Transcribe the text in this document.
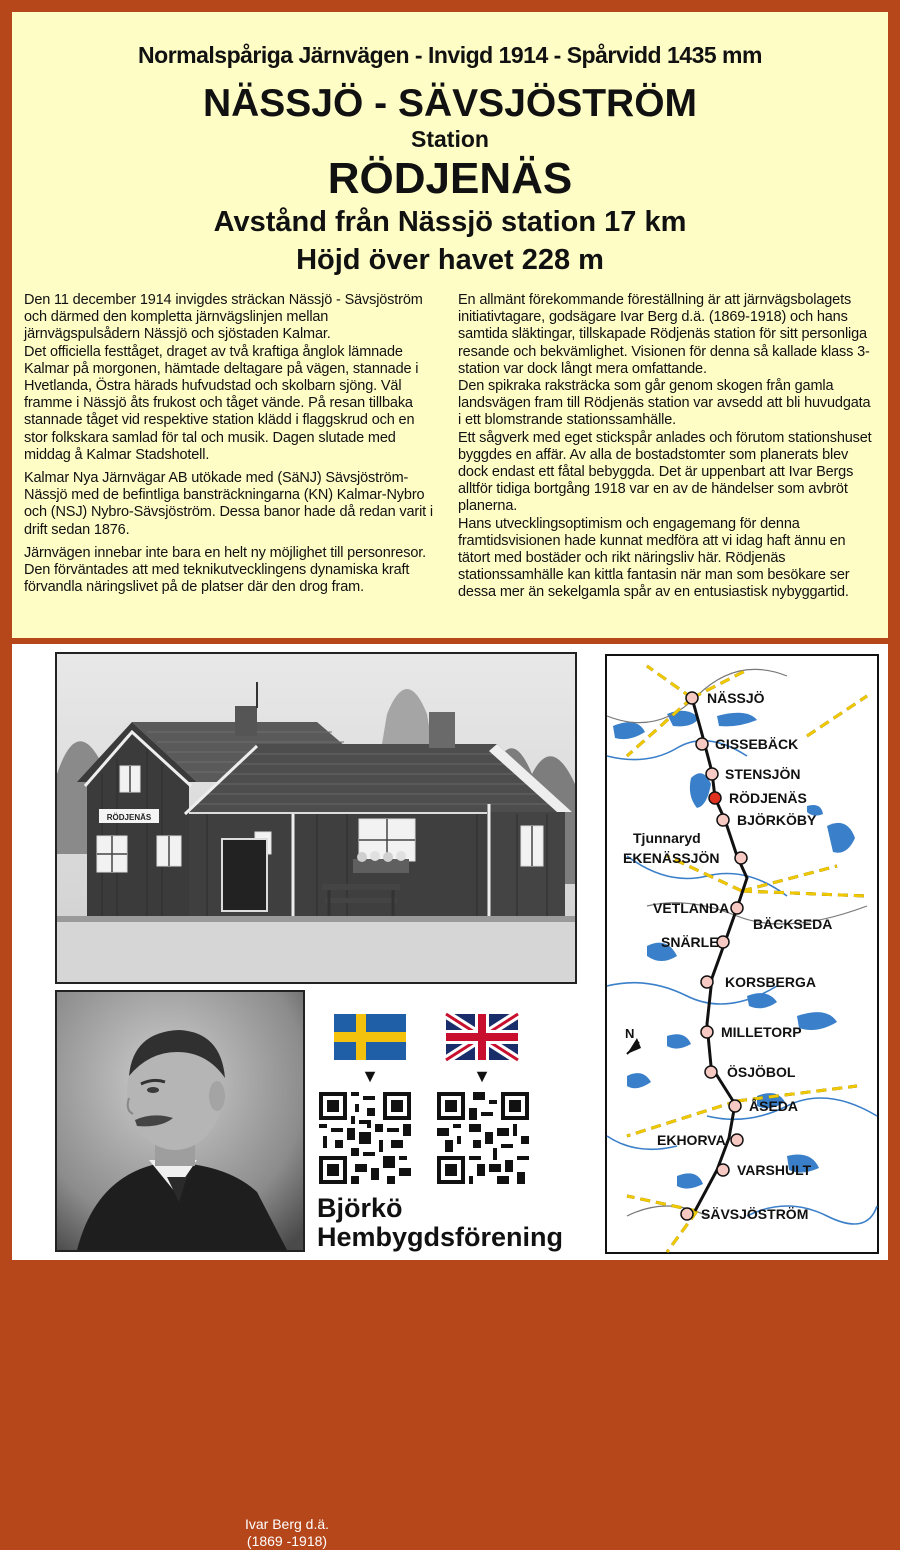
Normalspåriga Järnvägen - Invigd 1914 - Spårvidd 1435 mm
NÄSSJÖ - SÄVSJÖSTRÖM
Station
RÖDJENÄS
Avstånd från Nässjö station 17 km
Höjd över havet 228 m

Den 11 december 1914 invigdes sträckan Nässjö - Sävsjöström och därmed den kompletta järnvägslinjen mellan järnvägspulsådern Nässjö och sjöstaden Kalmar.

Det officiella festtåget, draget av två kraftiga ånglok lämnade Kalmar på morgonen, hämtade deltagare på vägen, stannade i Hvetlanda, Östra härads hufvudstad och skolbarn sjöng. Väl framme i Nässjö åts frukost och tåget vände. På resan tillbaka stannade tåget vid respektive station klädd i flaggskrud och en stor folkskara samlad för tal och musik. Dagen slutade med middag å Kalmar Stadshotell.

Kalmar Nya Järnvägar AB utökade med (SäNJ) Sävsjöström-Nässjö med de befintliga bansträckningarna (KN) Kalmar-Nybro och (NSJ) Nybro-Sävsjöström. Dessa banor hade då redan varit i drift sedan 1876.

Järnvägen innebar inte bara en helt ny möjlighet till personresor. Den förväntades att med teknikutvecklingens dynamiska kraft förvandla näringslivet på de platser där den drog fram.

En allmänt förekommande föreställning är att järnvägsbolagets initiativtagare, godsägare Ivar Berg d.ä. (1869-1918) och hans samtida släktingar, tillskapade Rödjenäs station för sitt personliga resande och bekvämlighet. Visionen för denna så kallade klass 3-station var dock långt mera omfattande.

Den spikraka raksträcka som går genom skogen från gamla landsvägen fram till Rödjenäs station var avsedd att bli huvudgata i ett blomstrande stationssamhälle.

Ett sågverk med eget stickspår anlades och förutom stationshuset byggdes en affär. Av alla de bostadstomter som planerats blev dock endast ett fåtal bebyggda. Det är uppenbart att Ivar Bergs alltför tidiga bortgång 1918 var en av de händelser som avbröt planerna.

Hans utvecklingsoptimism och engagemang för denna framtidsvisionen hade kunnat medföra att vi idag haft ännu en tätort med bostäder och rikt näringsliv här. Rödjenäs stationssamhälle kan kittla fantasin när man som besökare ser dessa mer än sekelgamla spår av en entusiastisk nybyggartid.

RÖDJENÄS
Ivar Berg d.ä.
(1869 -1918)
▼	▼
Björkö
Hembygdsförening
NÄSSJÖ
GISSEBÄCK
STENSJÖN
RÖDJENÄS
BJÖRKÖBY
Tjunnaryd
EKENÄSSJÖN
VETLANDA
BÄCKSEDA
SNÄRLE
KORSBERGA
MILLETORP
ÖSJÖBOL
ÅSEDA
EKHORVA
VARSHULT
SÄVSJÖSTRÖM
N
